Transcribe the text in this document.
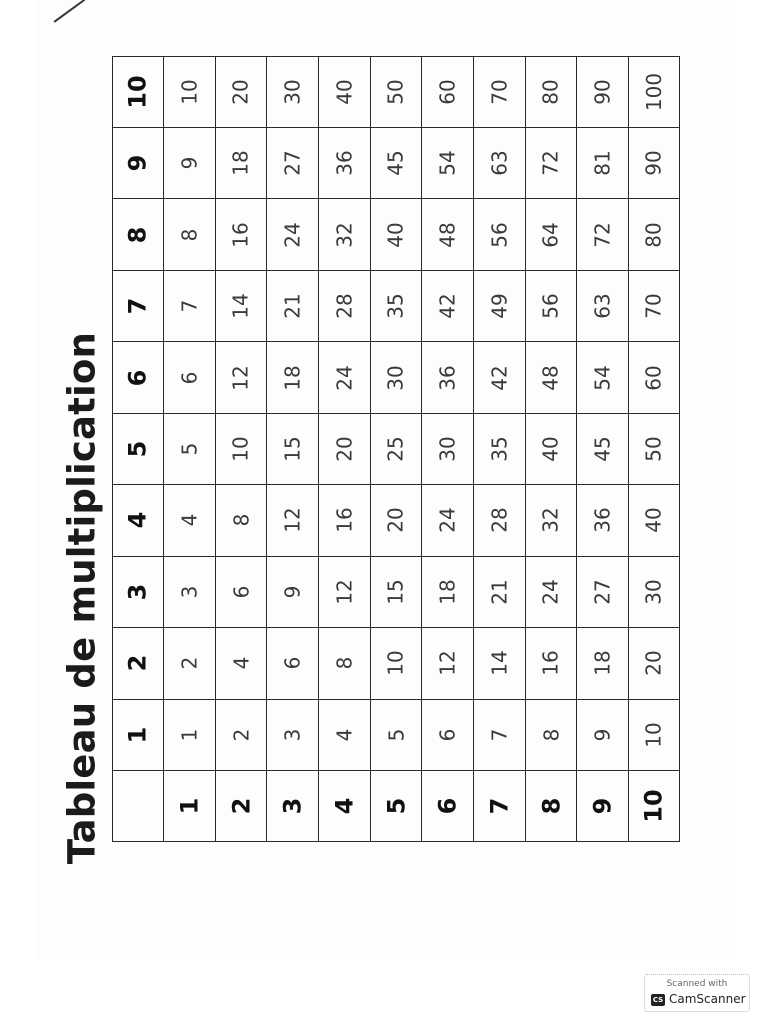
Tableau de multiplication 1
1
2
2
3
3
4
4
5
5
6
6
7
7
8
8
9
9
10
10
1
2
3
4
5
6
7
8
9
10
2
4
6
8
10
12
14
16
18
20
3
6
9
12
15
18
21
24
27
30
4
8
12
16
20
24
28
32
36
40
5
10
15
20
25
30
35
40
45
50
6
12
18
24
30
36
42
48
54
60
7
14
21
28
35
42
49
56
63
70
8
16
24
32
40
48
56
64
72
80
9
18
27
36
45
54
63
72
81
90
10
20
30
40
50
60
70
80
90
100
Scanned with
CS CamScanner
